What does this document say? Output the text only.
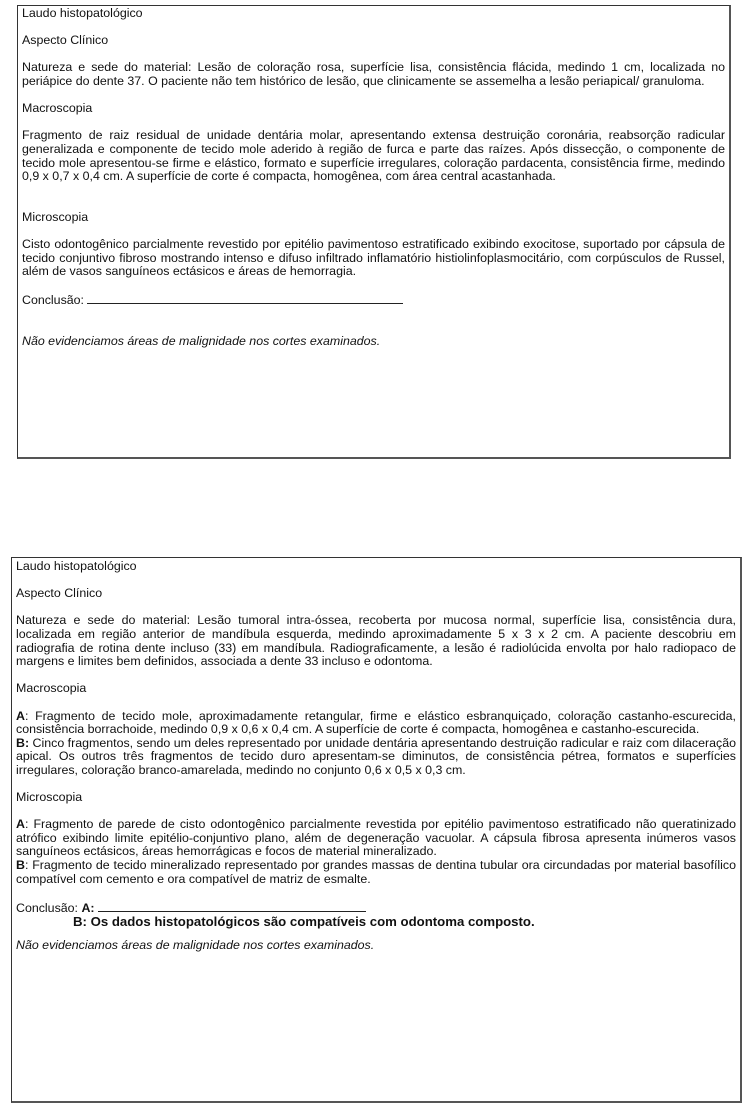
Laudo histopatológico

Aspecto Clínico

Natureza e sede do material: Lesão de coloração rosa, superfície lisa, consistência flácida, medindo 1 cm, localizada no periápice do dente 37. O paciente não tem histórico de lesão, que clinicamente se assemelha a lesão periapical/ granuloma.

Macroscopia

Fragmento de raiz residual de unidade dentária molar, apresentando extensa destruição coronária, reabsorção radicular generalizada e componente de tecido mole aderido à região de furca e parte das raízes. Após dissecção, o componente de tecido mole apresentou-se firme e elástico, formato e superfície irregulares, coloração pardacenta, consistência firme, medindo 0,9 x 0,7 x 0,4 cm. A superfície de corte é compacta, homogênea, com área central acastanhada.

Microscopia

Cisto odontogênico parcialmente revestido por epitélio pavimentoso estratificado exibindo exocitose, suportado por cápsula de tecido conjuntivo fibroso mostrando intenso e difuso infiltrado inflamatório histiolinfoplasmocitário, com corpúsculos de Russel, além de vasos sanguíneos ectásicos e áreas de hemorragia.

Conclusão:

Não evidenciamos áreas de malignidade nos cortes examinados.

Laudo histopatológico

Aspecto Clínico

Natureza e sede do material: Lesão tumoral intra-óssea, recoberta por mucosa normal, superfície lisa, consistência dura, localizada em região anterior de mandíbula esquerda, medindo aproximadamente 5 x 3 x 2 cm. A paciente descobriu em radiografia de rotina dente incluso (33) em mandíbula. Radiograficamente, a lesão é radiolúcida envolta por halo radiopaco de margens e limites bem definidos, associada a dente 33 incluso e odontoma.

Macroscopia

A: Fragmento de tecido mole, aproximadamente retangular, firme e elástico esbranquiçado, coloração castanho-escurecida, consistência borrachoide, medindo 0,9 x 0,6 x 0,4 cm. A superfície de corte é compacta, homogênea e castanho-escurecida.

B: Cinco fragmentos, sendo um deles representado por unidade dentária apresentando destruição radicular e raiz com dilaceração apical. Os outros três fragmentos de tecido duro apresentam-se diminutos, de consistência pétrea, formatos e superfícies irregulares, coloração branco-amarelada, medindo no conjunto 0,6 x 0,5 x 0,3 cm.

Microscopia

A: Fragmento de parede de cisto odontogênico parcialmente revestida por epitélio pavimentoso estratificado não queratinizado atrófico exibindo limite epitélio-conjuntivo plano, além de degeneração vacuolar. A cápsula fibrosa apresenta inúmeros vasos sanguíneos ectásicos, áreas hemorrágicas e focos de material mineralizado.

B: Fragmento de tecido mineralizado representado por grandes massas de dentina tubular ora circundadas por material basofílico compatível com cemento e ora compatível de matriz de esmalte.

Conclusão: A:

B: Os dados histopatológicos são compatíveis com odontoma composto.

Não evidenciamos áreas de malignidade nos cortes examinados.
